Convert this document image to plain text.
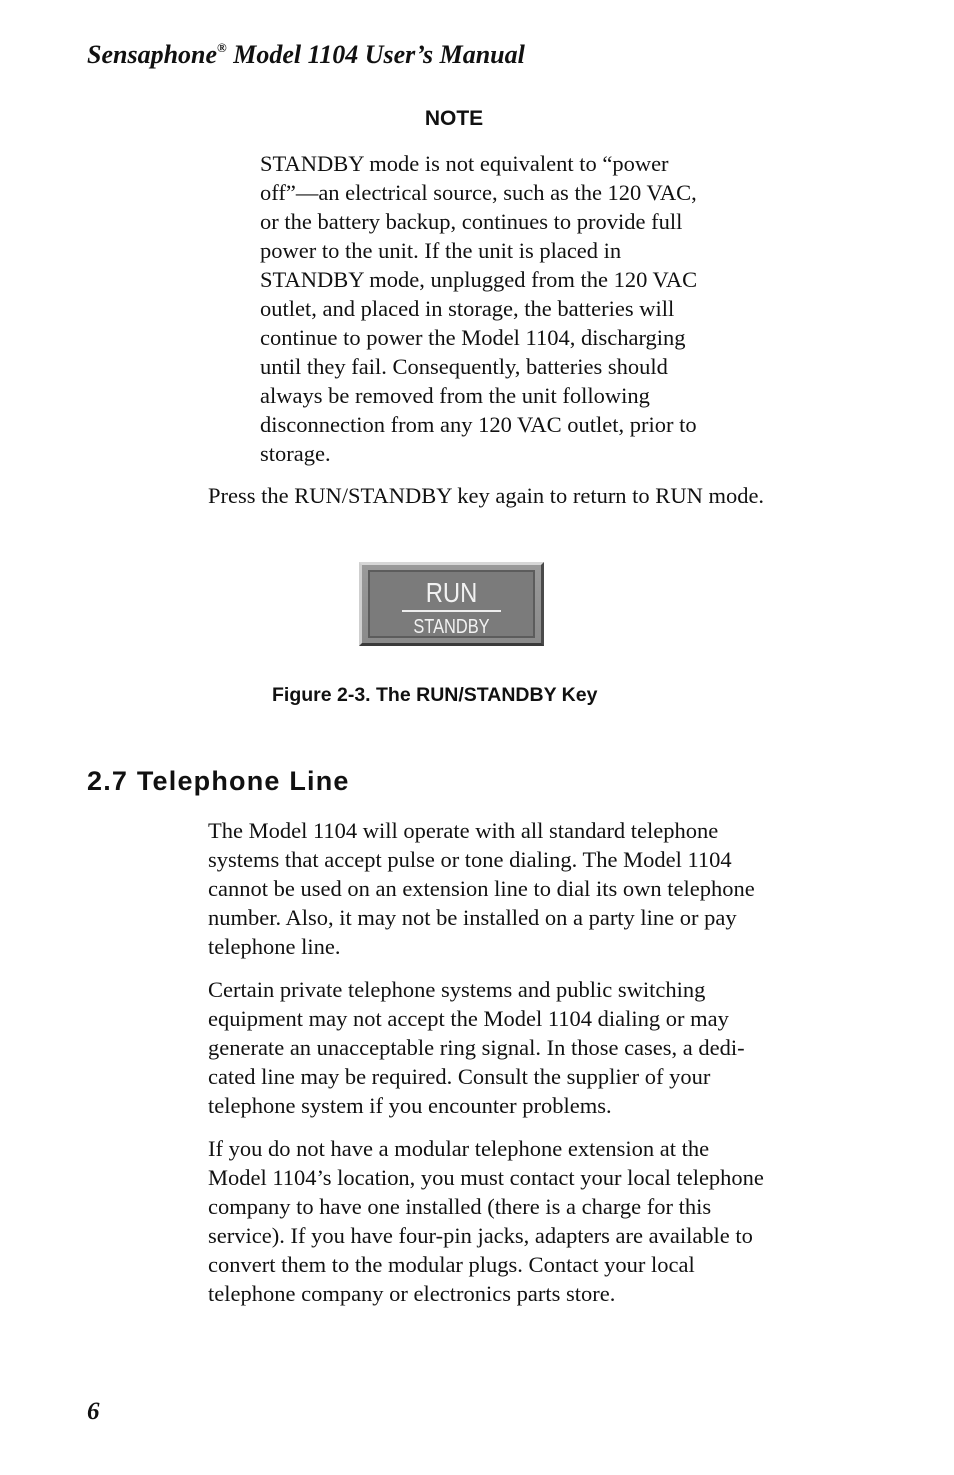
Sensaphone® Model 1104 User’s Manual
NOTE
STANDBY mode is not equivalent to “power
off”—an electrical source, such as the 120 VAC,
or the battery backup, continues to provide full
power to the unit. If the unit is placed in
STANDBY mode, unplugged from the 120 VAC
outlet, and placed in storage, the batteries will
continue to power the Model 1104, discharging
until they fail. Consequently, batteries should
always be removed from the unit following
disconnection from any 120 VAC outlet, prior to
storage.

Press the RUN/STANDBY key again to return to RUN mode.

RUN
STANDBY
Figure 2-3. The RUN/STANDBY Key
2.7 Telephone Line
The Model 1104 will operate with all standard telephone
systems that accept pulse or tone dialing. The Model 1104
cannot be used on an extension line to dial its own telephone
number. Also, it may not be installed on a party line or pay
telephone line.
Certain private telephone systems and public switching
equipment may not accept the Model 1104 dialing or may
generate an unacceptable ring signal. In those cases, a dedi-
cated line may be required. Consult the supplier of your
telephone system if you encounter problems.
If you do not have a modular telephone extension at the
Model 1104’s location, you must contact your local telephone
company to have one installed (there is a charge for this
service). If you have four-pin jacks, adapters are available to
convert them to the modular plugs. Contact your local
telephone company or electronics parts store.
6
